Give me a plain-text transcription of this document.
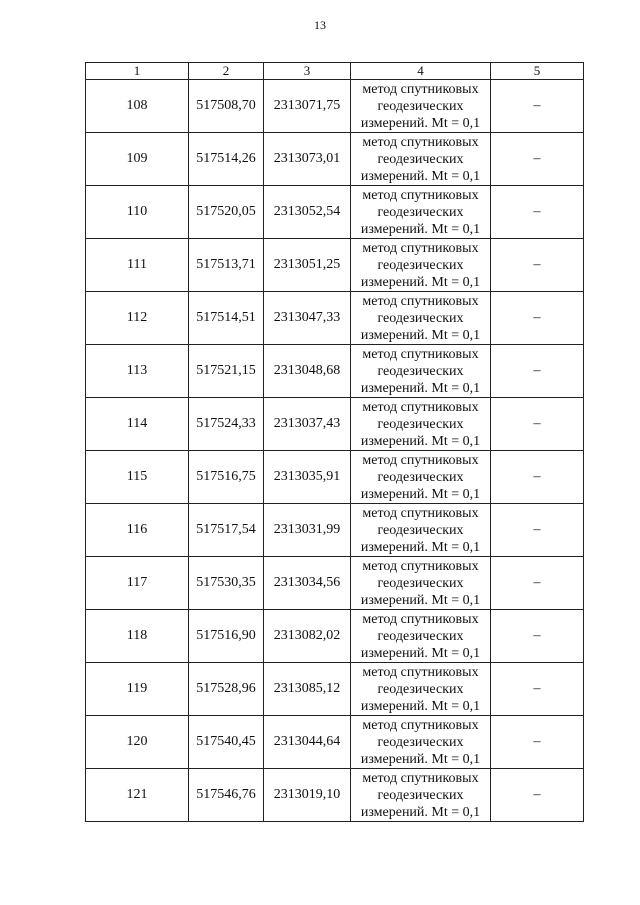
13
1	2	3	4	5
108	517508,70	2313071,75	метод спутниковых
геодезических
измерений. Mt = 0,1	–
109	517514,26	2313073,01	метод спутниковых
геодезических
измерений. Mt = 0,1	–
110	517520,05	2313052,54	метод спутниковых
геодезических
измерений. Mt = 0,1	–
111	517513,71	2313051,25	метод спутниковых
геодезических
измерений. Mt = 0,1	–
112	517514,51	2313047,33	метод спутниковых
геодезических
измерений. Mt = 0,1	–
113	517521,15	2313048,68	метод спутниковых
геодезических
измерений. Mt = 0,1	–
114	517524,33	2313037,43	метод спутниковых
геодезических
измерений. Mt = 0,1	–
115	517516,75	2313035,91	метод спутниковых
геодезических
измерений. Mt = 0,1	–
116	517517,54	2313031,99	метод спутниковых
геодезических
измерений. Mt = 0,1	–
117	517530,35	2313034,56	метод спутниковых
геодезических
измерений. Mt = 0,1	–
118	517516,90	2313082,02	метод спутниковых
геодезических
измерений. Mt = 0,1	–
119	517528,96	2313085,12	метод спутниковых
геодезических
измерений. Mt = 0,1	–
120	517540,45	2313044,64	метод спутниковых
геодезических
измерений. Mt = 0,1	–
121	517546,76	2313019,10	метод спутниковых
геодезических
измерений. Mt = 0,1	–
